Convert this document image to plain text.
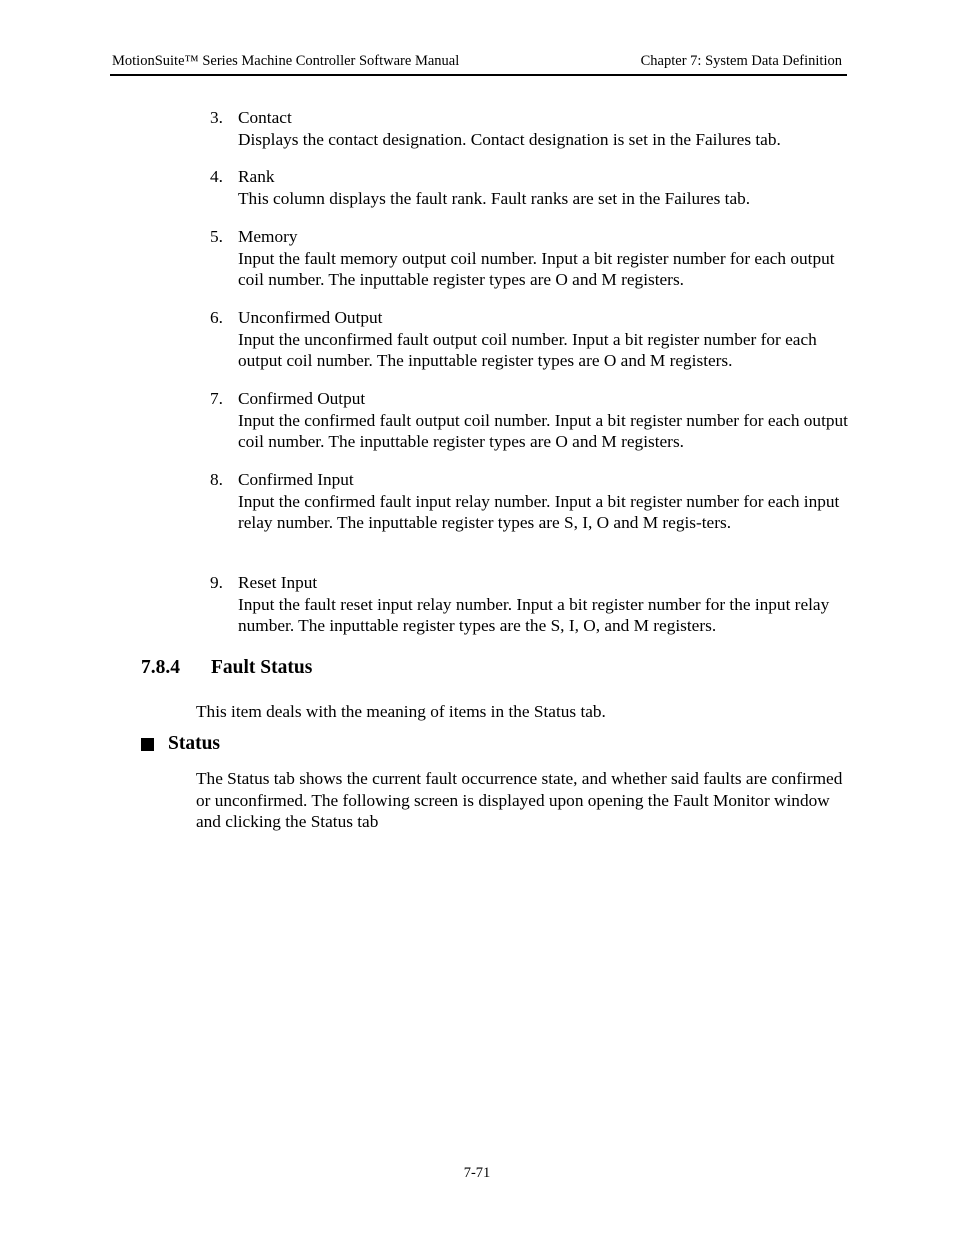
MotionSuite™ Series Machine Controller Software Manual	Chapter 7: System Data Definition
3. Contact
Displays the contact designation. Contact designation is set in the Failures tab.
4. Rank
This column displays the fault rank. Fault ranks are set in the Failures tab.
5. Memory
Input the fault memory output coil number. Input a bit register number for each output coil number. The inputtable register types are O and M registers.
6. Unconfirmed Output
Input the unconfirmed fault output coil number. Input a bit register number for each output coil number. The inputtable register types are O and M registers.
7. Confirmed Output
Input the confirmed fault output coil number. Input a bit register number for each output coil number. The inputtable register types are O and M registers.
8. Confirmed Input
Input the confirmed fault input relay number. Input a bit register number for each input relay number. The inputtable register types are S, I, O and M regis-ters.
9. Reset Input
Input the fault reset input relay number. Input a bit register number for the input relay number. The inputtable register types are the S, I, O, and M registers.
7.8.4 Fault Status
This item deals with the meaning of items in the Status tab.
Status
The Status tab shows the current fault occurrence state, and whether said faults are confirmed or unconfirmed. The following screen is displayed upon opening the Fault Monitor window and clicking the Status tab
7-71
